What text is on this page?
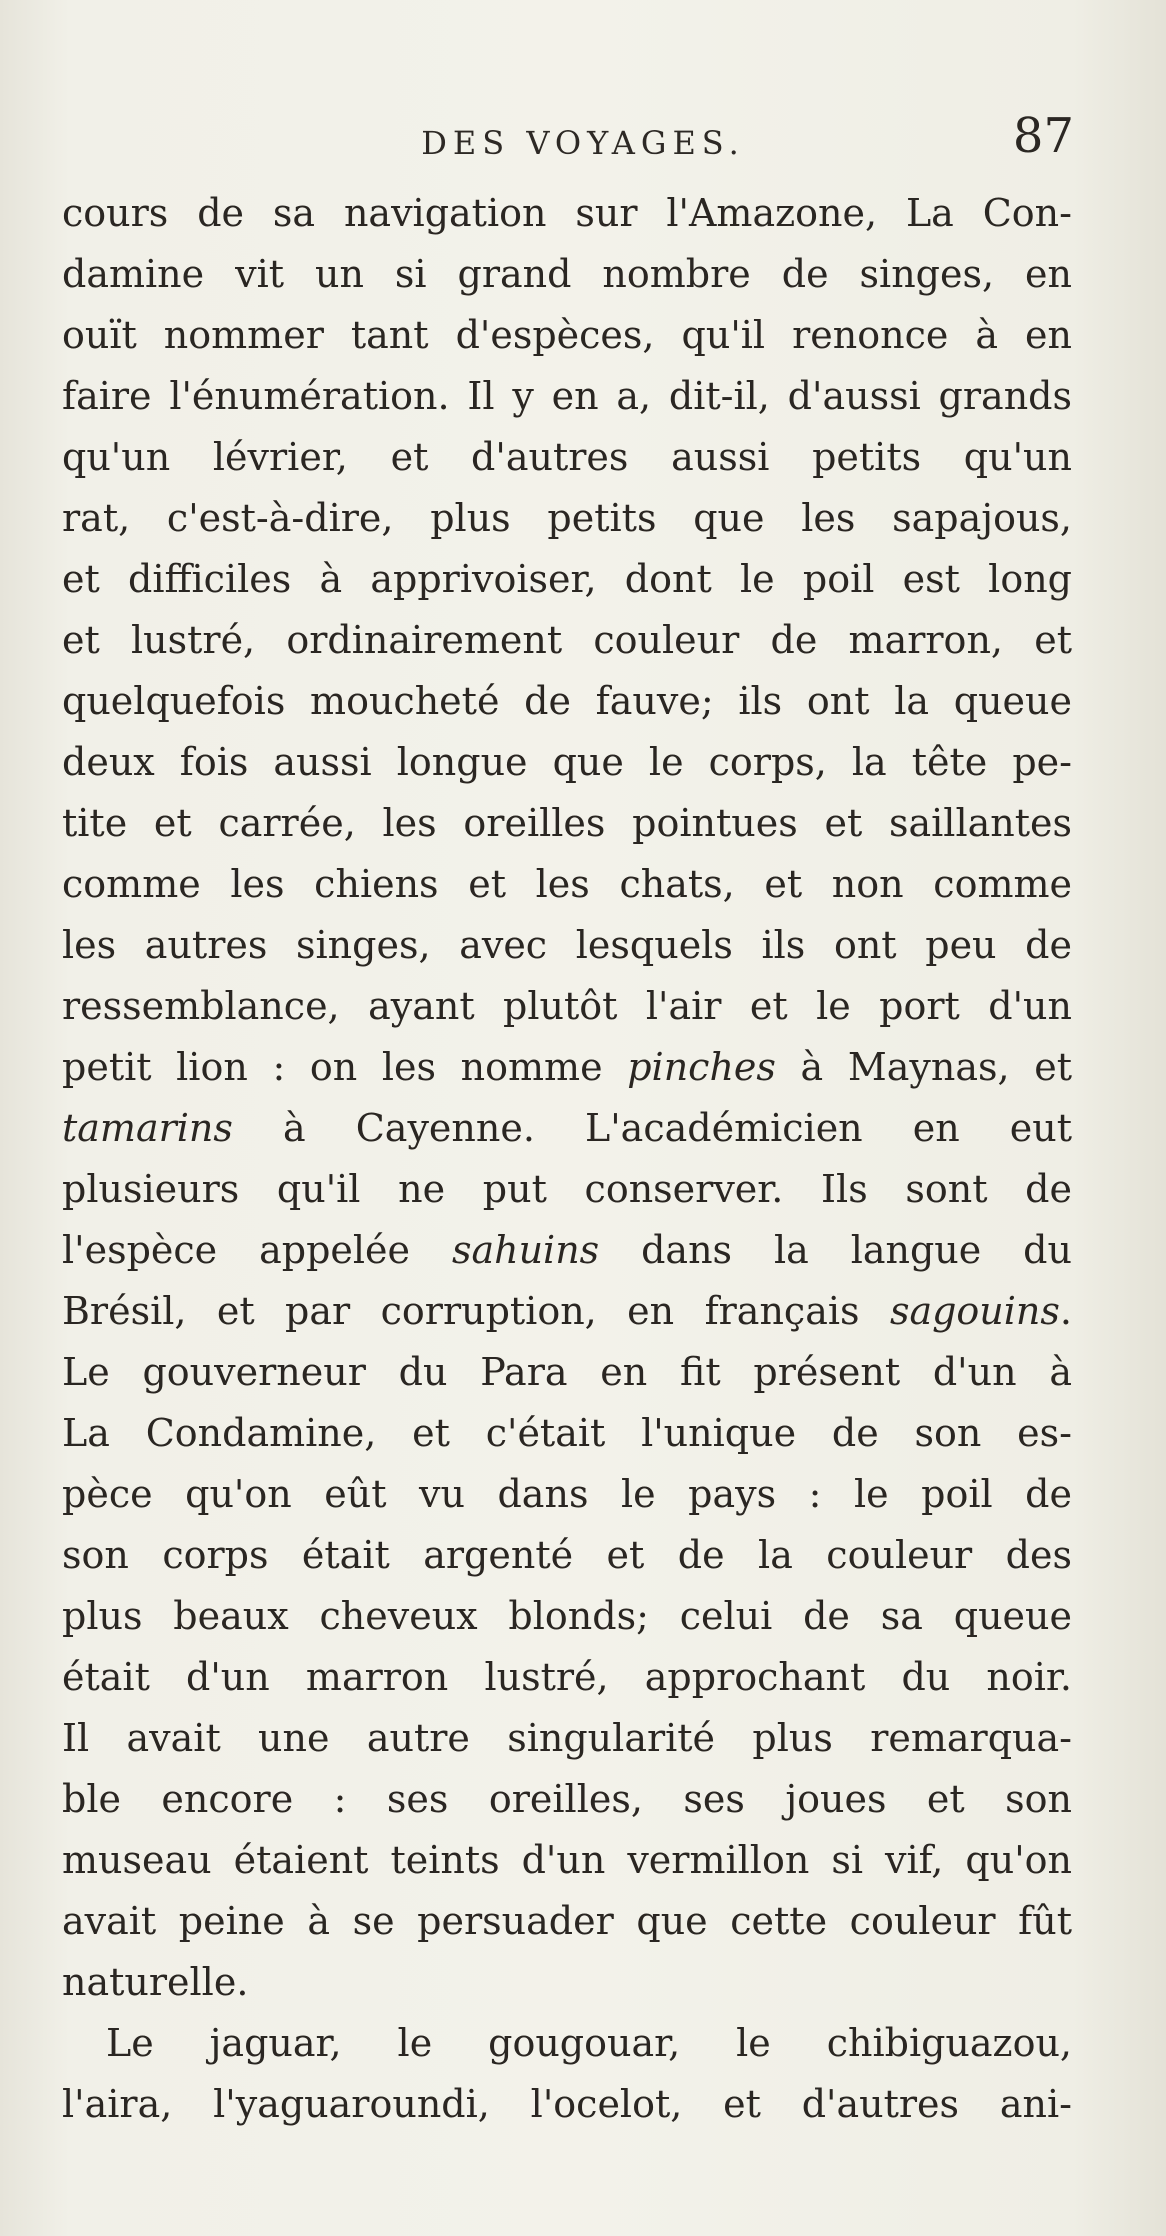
DES VOYAGES.	87
cours de sa navigation sur l'Amazone, La Con-
damine vit un si grand nombre de singes, en
ouït nommer tant d'espèces, qu'il renonce à en
faire l'énumération. Il y en a, dit-il, d'aussi grands
qu'un lévrier, et d'autres aussi petits qu'un
rat, c'est-à-dire, plus petits que les sapajous,
et difficiles à apprivoiser, dont le poil est long
et lustré, ordinairement couleur de marron, et
quelquefois moucheté de fauve; ils ont la queue
deux fois aussi longue que le corps, la tête pe-
tite et carrée, les oreilles pointues et saillantes
comme les chiens et les chats, et non comme
les autres singes, avec lesquels ils ont peu de
ressemblance, ayant plutôt l'air et le port d'un
petit lion : on les nomme pinches à Maynas, et
tamarins à Cayenne. L'académicien en eut
plusieurs qu'il ne put conserver. Ils sont de
l'espèce appelée sahuins dans la langue du
Brésil, et par corruption, en français sagouins.
Le gouverneur du Para en fit présent d'un à
La Condamine, et c'était l'unique de son es-
pèce qu'on eût vu dans le pays : le poil de
son corps était argenté et de la couleur des
plus beaux cheveux blonds; celui de sa queue
était d'un marron lustré, approchant du noir.
Il avait une autre singularité plus remarqua-
ble encore : ses oreilles, ses joues et son
museau étaient teints d'un vermillon si vif, qu'on
avait peine à se persuader que cette couleur fût
naturelle.
Le jaguar, le gougouar, le chibiguazou,
l'aira, l'yaguaroundi, l'ocelot, et d'autres ani-
